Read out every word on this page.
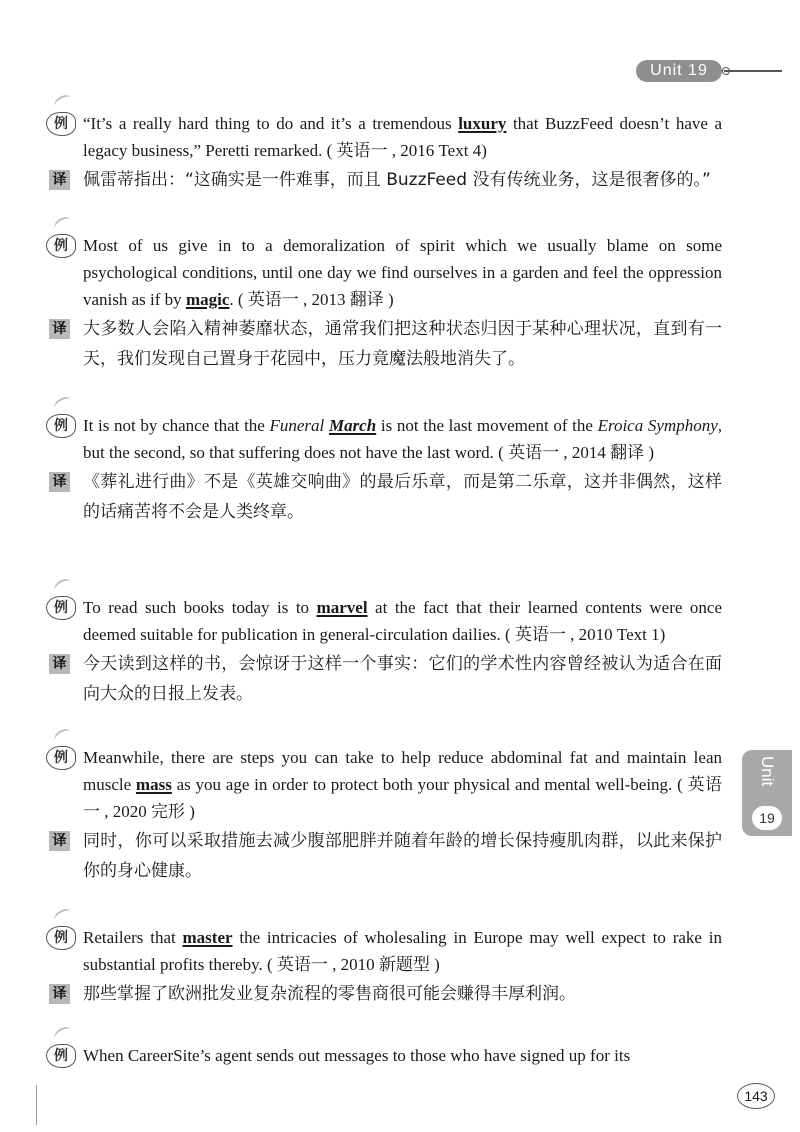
Unit 19
Unit
19
例 “It’s a really hard thing to do and it’s a tremendous luxury that BuzzFeed doesn’t have a legacy business,” Peretti remarked. ( 英语一 , 2016 Text 4)
译 佩雷蒂指出：“这确实是一件难事，而且 BuzzFeed 没有传统业务，这是很奢侈的。”
例 Most of us give in to a demoralization of spirit which we usually blame on some psychological conditions, until one day we find ourselves in a garden and feel the oppression vanish as if by magic. ( 英语一 , 2013 翻译 )
译 大多数人会陷入精神萎靡状态，通常我们把这种状态归因于某种心理状况，直到有一天，我们发现自己置身于花园中，压力竟魔法般地消失了。
例 It is not by chance that the Funeral March is not the last movement of the Eroica Symphony, but the second, so that suffering does not have the last word. ( 英语一 , 2014 翻译 )
译 《葬礼进行曲》不是《英雄交响曲》的最后乐章，而是第二乐章，这并非偶然，这样的话痛苦将不会是人类终章。
例 To read such books today is to marvel at the fact that their learned contents were once deemed suitable for publication in general-circulation dailies. ( 英语一 , 2010 Text 1)
译 今天读到这样的书，会惊讶于这样一个事实：它们的学术性内容曾经被认为适合在面向大众的日报上发表。
例 Meanwhile, there are steps you can take to help reduce abdominal fat and maintain lean muscle mass as you age in order to protect both your physical and mental well-being. ( 英语一 , 2020 完形 )
译 同时，你可以采取措施去减少腹部肥胖并随着年龄的增长保持瘦肌肉群，以此来保护你的身心健康。
例 Retailers that master the intricacies of wholesaling in Europe may well expect to rake in substantial profits thereby. ( 英语一 , 2010 新题型 )
译 那些掌握了欧洲批发业复杂流程的零售商很可能会赚得丰厚利润。
例 When CareerSite’s agent sends out messages to those who have signed up for its
143
